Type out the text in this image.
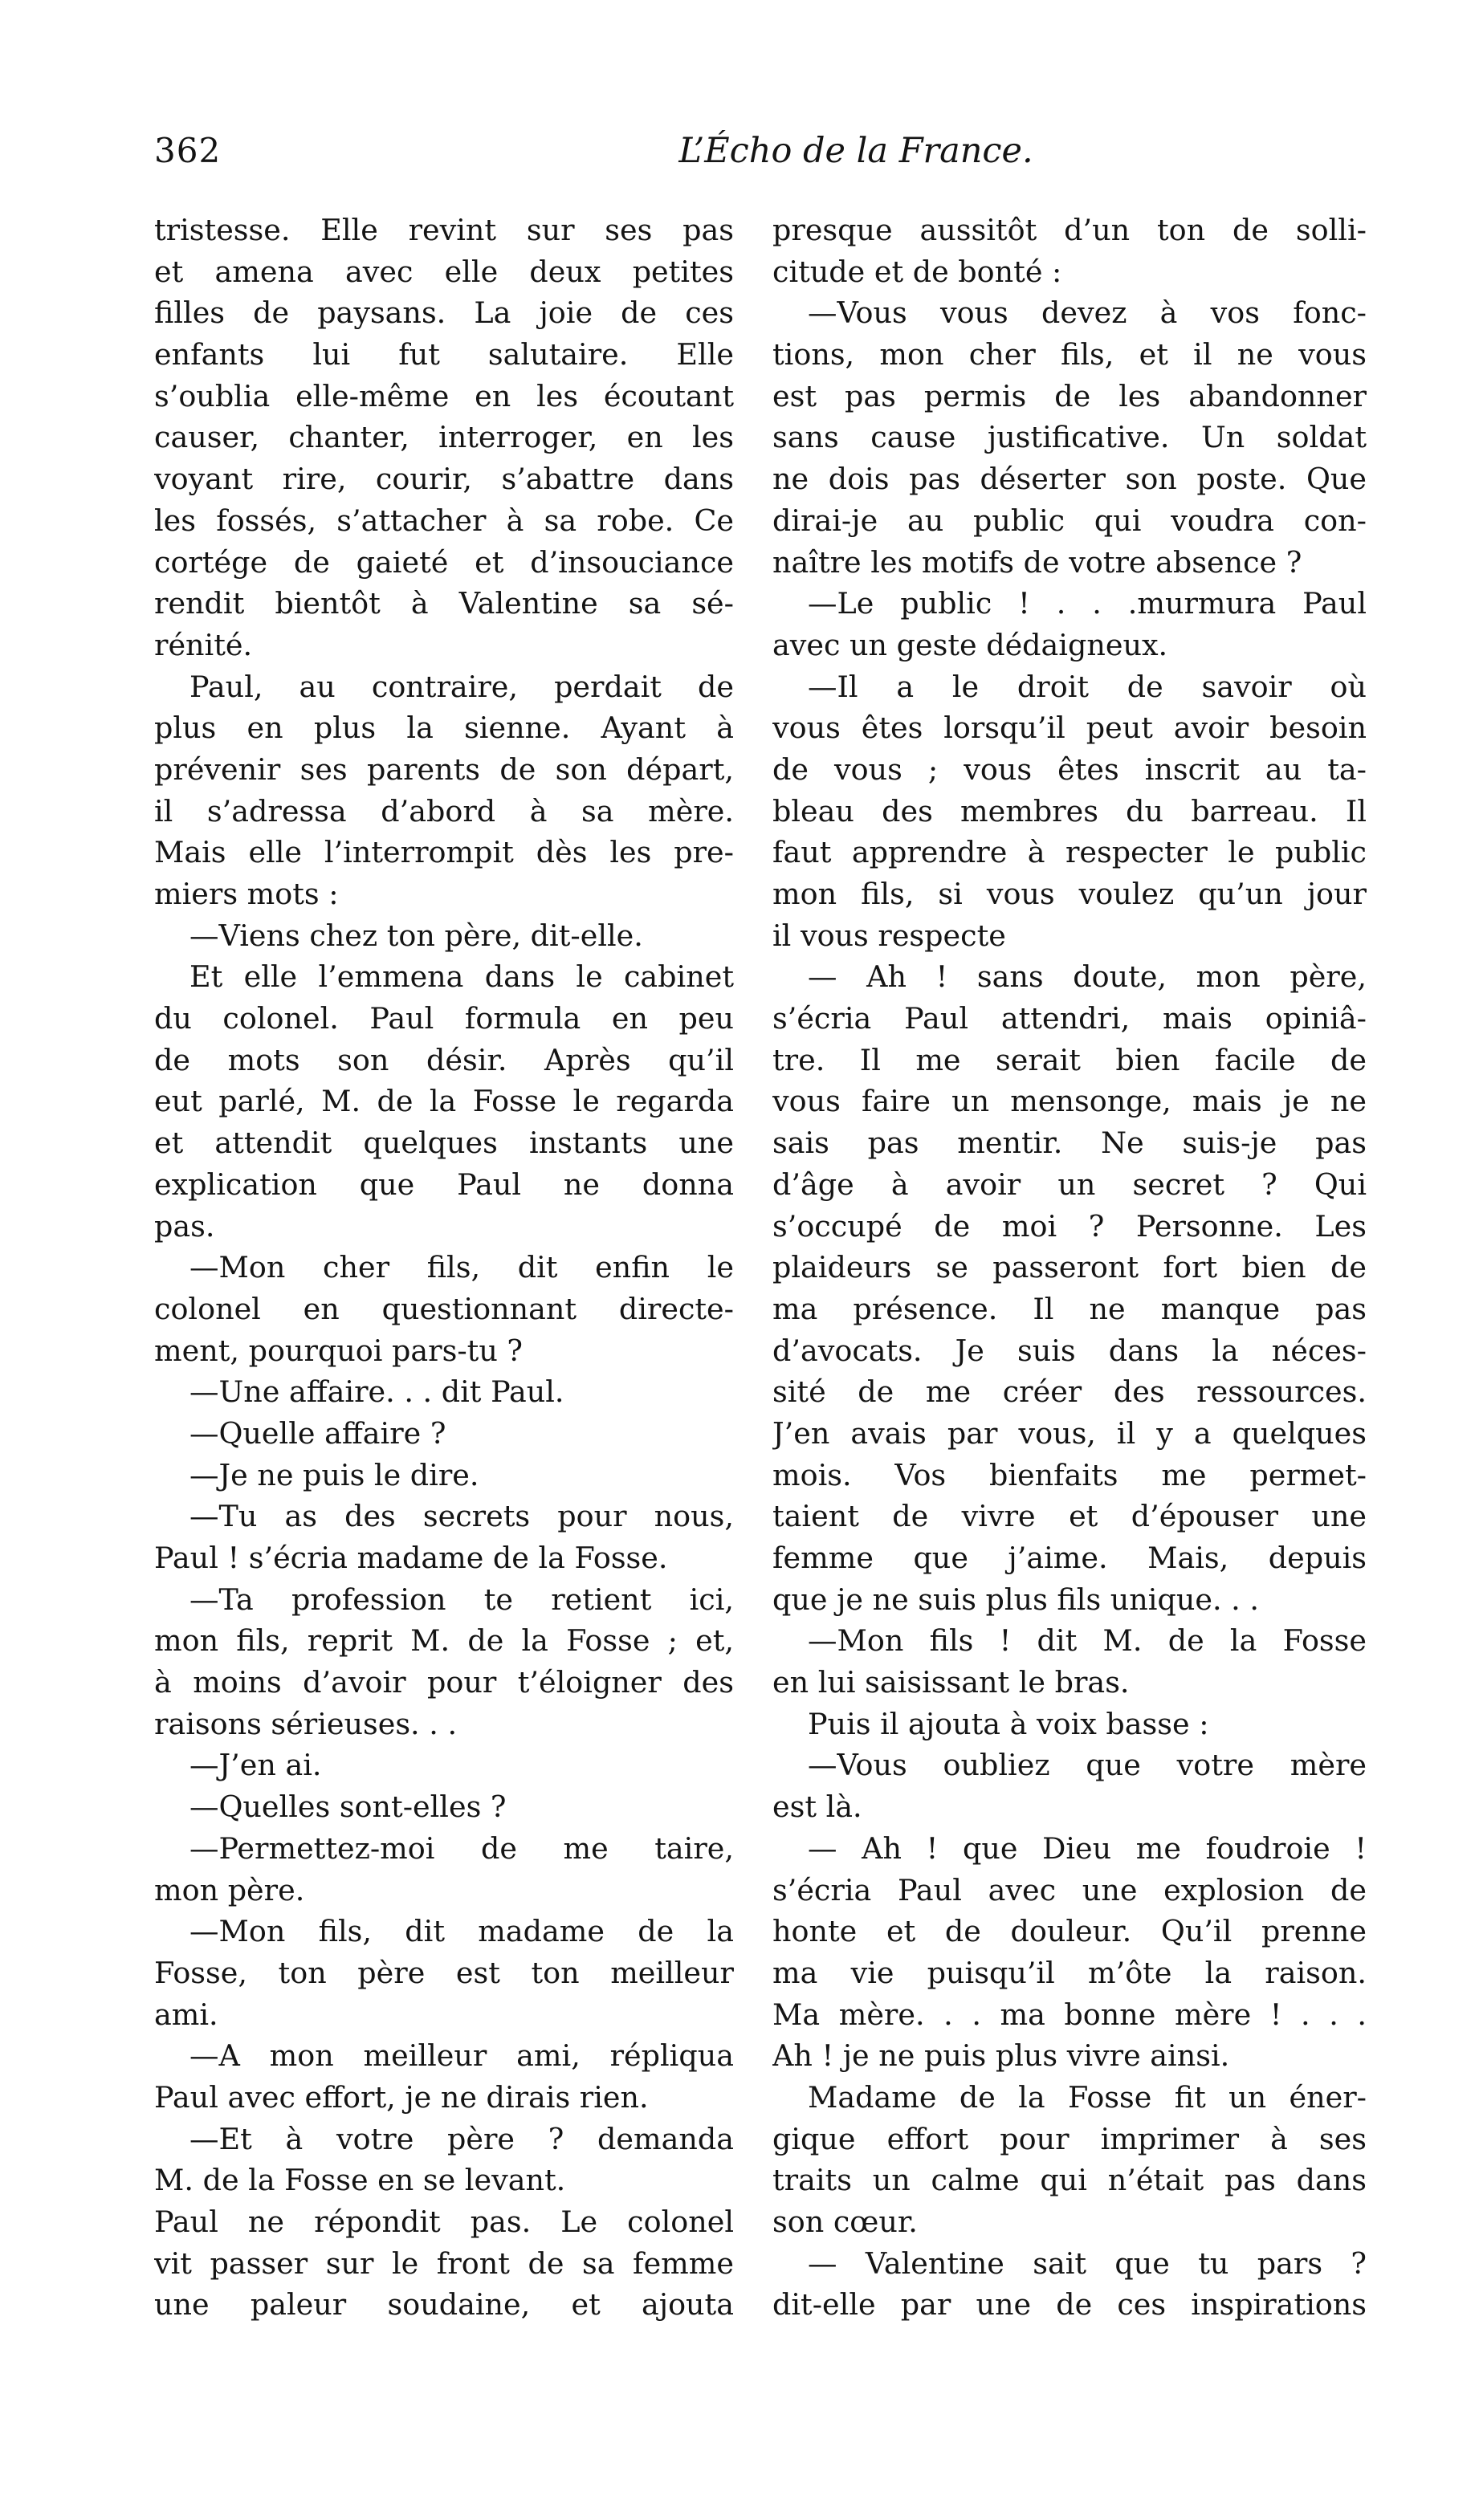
362	L’Écho de la France.
tristesse. Elle revint sur ses pas
et amena avec elle deux petites
filles de paysans. La joie de ces
enfants lui fut salutaire. Elle
s’oublia elle-même en les écoutant
causer, chanter, interroger, en les
voyant rire, courir, s’abattre dans
les fossés, s’attacher à sa robe. Ce
cortége de gaieté et d’insouciance
rendit bientôt à Valentine sa sé-
rénité.
Paul, au contraire, perdait de
plus en plus la sienne. Ayant à
prévenir ses parents de son départ,
il s’adressa d’abord à sa mère.
Mais elle l’interrompit dès les pre-
miers mots :
—Viens chez ton père, dit-elle.
Et elle l’emmena dans le cabinet
du colonel. Paul formula en peu
de mots son désir. Après qu’il
eut parlé, M. de la Fosse le regarda
et attendit quelques instants une
explication que Paul ne donna
pas.
—Mon cher fils, dit enfin le
colonel en questionnant directe-
ment, pourquoi pars-tu ?
—Une affaire. . . dit Paul.
—Quelle affaire ?
—Je ne puis le dire.
—Tu as des secrets pour nous,
Paul ! s’écria madame de la Fosse.
—Ta profession te retient ici,
mon fils, reprit M. de la Fosse ; et,
à moins d’avoir pour t’éloigner des
raisons sérieuses. . .
—J’en ai.
—Quelles sont-elles ?
—Permettez-moi de me taire,
mon père.
—Mon fils, dit madame de la
Fosse, ton père est ton meilleur
ami.
—A mon meilleur ami, répliqua
Paul avec effort, je ne dirais rien.
—Et à votre père ? demanda
M. de la Fosse en se levant.
Paul ne répondit pas. Le colonel
vit passer sur le front de sa femme
une paleur soudaine, et ajouta
presque aussitôt d’un ton de solli-
citude et de bonté :
—Vous vous devez à vos fonc-
tions, mon cher fils, et il ne vous
est pas permis de les abandonner
sans cause justificative. Un soldat
ne dois pas déserter son poste. Que
dirai-je au public qui voudra con-
naître les motifs de votre absence ?
—Le public ! . . .murmura Paul
avec un geste dédaigneux.
—Il a le droit de savoir où
vous êtes lorsqu’il peut avoir besoin
de vous ; vous êtes inscrit au ta-
bleau des membres du barreau. Il
faut apprendre à respecter le public
mon fils, si vous voulez qu’un jour
il vous respecte
— Ah ! sans doute, mon père,
s’écria Paul attendri, mais opiniâ-
tre. Il me serait bien facile de
vous faire un mensonge, mais je ne
sais pas mentir. Ne suis-je pas
d’âge à avoir un secret ? Qui
s’occupé de moi ? Personne. Les
plaideurs se passeront fort bien de
ma présence. Il ne manque pas
d’avocats. Je suis dans la néces-
sité de me créer des ressources.
J’en avais par vous, il y a quelques
mois. Vos bienfaits me permet-
taient de vivre et d’épouser une
femme que j’aime. Mais, depuis
que je ne suis plus fils unique. . .
—Mon fils ! dit M. de la Fosse
en lui saisissant le bras.
Puis il ajouta à voix basse :
—Vous oubliez que votre mère
est là.
— Ah ! que Dieu me foudroie !
s’écria Paul avec une explosion de
honte et de douleur. Qu’il prenne
ma vie puisqu’il m’ôte la raison.
Ma mère. . . ma bonne mère ! . . .
Ah ! je ne puis plus vivre ainsi.
Madame de la Fosse fit un éner-
gique effort pour imprimer à ses
traits un calme qui n’était pas dans
son cœur.
— Valentine sait que tu pars ?
dit-elle par une de ces inspirations
